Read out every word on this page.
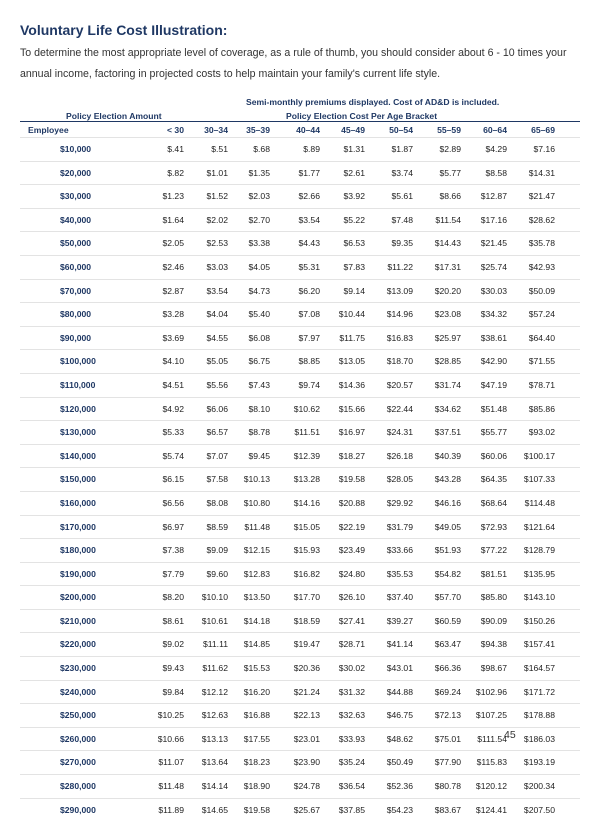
Voluntary Life Cost Illustration:
To determine the most appropriate level of coverage, as a rule of thumb, you should consider about 6 - 10 times your annual income, factoring in projected costs to help maintain your family's current life style.
Semi-monthly premiums displayed. Cost of AD&D is included.
Policy Election Amount	Policy Election Cost Per Age Bracket
Employee	< 30	30–34	35–39	40–44	45–49	50–54	55–59	60–64	65–69
$10,000	$.41	$.51	$.68	$.89	$1.31	$1.87	$2.89	$4.29	$7.16
$20,000	$.82	$1.01	$1.35	$1.77	$2.61	$3.74	$5.77	$8.58	$14.31
$30,000	$1.23	$1.52	$2.03	$2.66	$3.92	$5.61	$8.66	$12.87	$21.47
$40,000	$1.64	$2.02	$2.70	$3.54	$5.22	$7.48	$11.54	$17.16	$28.62
$50,000	$2.05	$2.53	$3.38	$4.43	$6.53	$9.35	$14.43	$21.45	$35.78
$60,000	$2.46	$3.03	$4.05	$5.31	$7.83	$11.22	$17.31	$25.74	$42.93
$70,000	$2.87	$3.54	$4.73	$6.20	$9.14	$13.09	$20.20	$30.03	$50.09
$80,000	$3.28	$4.04	$5.40	$7.08	$10.44	$14.96	$23.08	$34.32	$57.24
$90,000	$3.69	$4.55	$6.08	$7.97	$11.75	$16.83	$25.97	$38.61	$64.40
$100,000	$4.10	$5.05	$6.75	$8.85	$13.05	$18.70	$28.85	$42.90	$71.55
$110,000	$4.51	$5.56	$7.43	$9.74	$14.36	$20.57	$31.74	$47.19	$78.71
$120,000	$4.92	$6.06	$8.10	$10.62	$15.66	$22.44	$34.62	$51.48	$85.86
$130,000	$5.33	$6.57	$8.78	$11.51	$16.97	$24.31	$37.51	$55.77	$93.02
$140,000	$5.74	$7.07	$9.45	$12.39	$18.27	$26.18	$40.39	$60.06	$100.17
$150,000	$6.15	$7.58	$10.13	$13.28	$19.58	$28.05	$43.28	$64.35	$107.33
$160,000	$6.56	$8.08	$10.80	$14.16	$20.88	$29.92	$46.16	$68.64	$114.48
$170,000	$6.97	$8.59	$11.48	$15.05	$22.19	$31.79	$49.05	$72.93	$121.64
$180,000	$7.38	$9.09	$12.15	$15.93	$23.49	$33.66	$51.93	$77.22	$128.79
$190,000	$7.79	$9.60	$12.83	$16.82	$24.80	$35.53	$54.82	$81.51	$135.95
$200,000	$8.20	$10.10	$13.50	$17.70	$26.10	$37.40	$57.70	$85.80	$143.10
$210,000	$8.61	$10.61	$14.18	$18.59	$27.41	$39.27	$60.59	$90.09	$150.26
$220,000	$9.02	$11.11	$14.85	$19.47	$28.71	$41.14	$63.47	$94.38	$157.41
$230,000	$9.43	$11.62	$15.53	$20.36	$30.02	$43.01	$66.36	$98.67	$164.57
$240,000	$9.84	$12.12	$16.20	$21.24	$31.32	$44.88	$69.24	$102.96	$171.72
$250,000	$10.25	$12.63	$16.88	$22.13	$32.63	$46.75	$72.13	$107.25	$178.88
$260,000	$10.66	$13.13	$17.55	$23.01	$33.93	$48.62	$75.01	$111.54	$186.03
$270,000	$11.07	$13.64	$18.23	$23.90	$35.24	$50.49	$77.90	$115.83	$193.19
$280,000	$11.48	$14.14	$18.90	$24.78	$36.54	$52.36	$80.78	$120.12	$200.34
$290,000	$11.89	$14.65	$19.58	$25.67	$37.85	$54.23	$83.67	$124.41	$207.50
45
